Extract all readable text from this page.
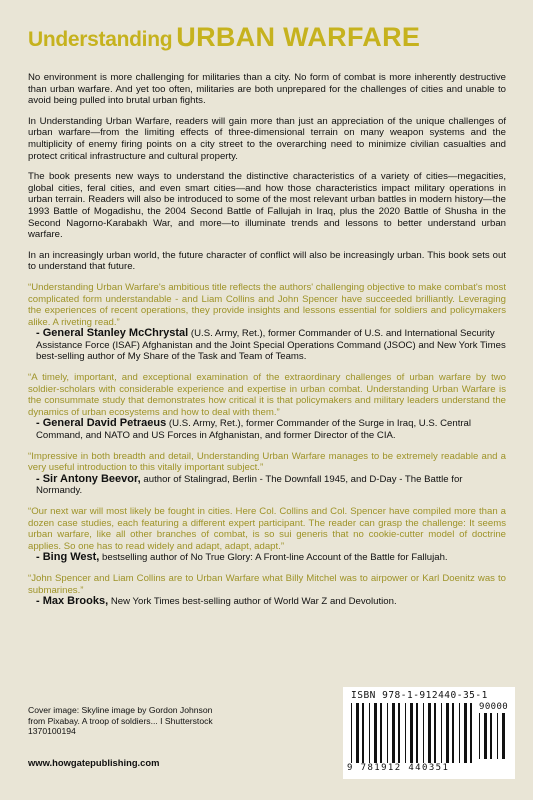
Understanding URBAN WARFARE

No environment is more challenging for militaries than a city. No form of combat is more inherently destructive than urban warfare. And yet too often, militaries are both unprepared for the challenges of cities and unable to avoid being pulled into brutal urban fights.

In Understanding Urban Warfare, readers will gain more than just an appreciation of the unique challenges of urban warfare—from the limiting effects of three-dimensional terrain on many weapon systems and the multiplicity of enemy firing points on a city street to the overarching need to minimize civilian casualties and protect critical infrastructure and cultural property.

The book presents new ways to understand the distinctive characteristics of a variety of cities—megacities, global cities, feral cities, and even smart cities—and how those characteristics impact military operations in urban terrain. Readers will also be introduced to some of the most relevant urban battles in modern history—the 1993 Battle of Mogadishu, the 2004 Second Battle of Fallujah in Iraq, plus the 2020 Battle of Shusha in the Second Nagorno-Karabakh War, and more—to illuminate trends and lessons to better understand urban warfare.

In an increasingly urban world, the future character of conflict will also be increasingly urban. This book sets out to understand that future.

“Understanding Urban Warfare's ambitious title reflects the authors' challenging objective to make combat's most complicated form understandable - and Liam Collins and John Spencer have succeeded brilliantly. Leveraging the experiences of recent operations, they provide insights and lessons essential for soldiers and policymakers alike. A riveting read.”

- General Stanley McChrystal (U.S. Army, Ret.), former Commander of U.S. and International Security Assistance Force (ISAF) Afghanistan and the Joint Special Operations Command (JSOC) and New York Times best-selling author of My Share of the Task and Team of Teams.

“A timely, important, and exceptional examination of the extraordinary challenges of urban warfare by two soldier-scholars with considerable experience and expertise in urban combat. Understanding Urban Warfare is the consummate study that demonstrates how critical it is that policymakers and military leaders understand the dynamics of urban ecosystems and how to deal with them.”

- General David Petraeus (U.S. Army, Ret.), former Commander of the Surge in Iraq, U.S. Central Command, and NATO and US Forces in Afghanistan, and former Director of the CIA.

“Impressive in both breadth and detail, Understanding Urban Warfare manages to be extremely readable and a very useful introduction to this vitally important subject.”

- Sir Antony Beevor, author of Stalingrad, Berlin - The Downfall 1945, and D-Day - The Battle for Normandy.

“Our next war will most likely be fought in cities. Here Col. Collins and Col. Spencer have compiled more than a dozen case studies, each featuring a different expert participant. The reader can grasp the challenge: It seems urban warfare, like all other branches of combat, is so sui generis that no cookie-cutter model of doctrine applies. So one has to read widely and adapt, adapt, adapt.”

- Bing West, bestselling author of No True Glory: A Front-line Account of the Battle for Fallujah.

“John Spencer and Liam Collins are to Urban Warfare what Billy Mitchel was to airpower or Karl Doenitz was to submarines.”

- Max Brooks, New York Times best-selling author of World War Z and Devolution.

Cover image: Skyline image by Gordon Johnson

from Pixabay. A troop of soldiers... I Shutterstock

1370100194

www.howgatepublishing.com
ISBN 978-1-912440-35-1
90000
9 781912 440351
